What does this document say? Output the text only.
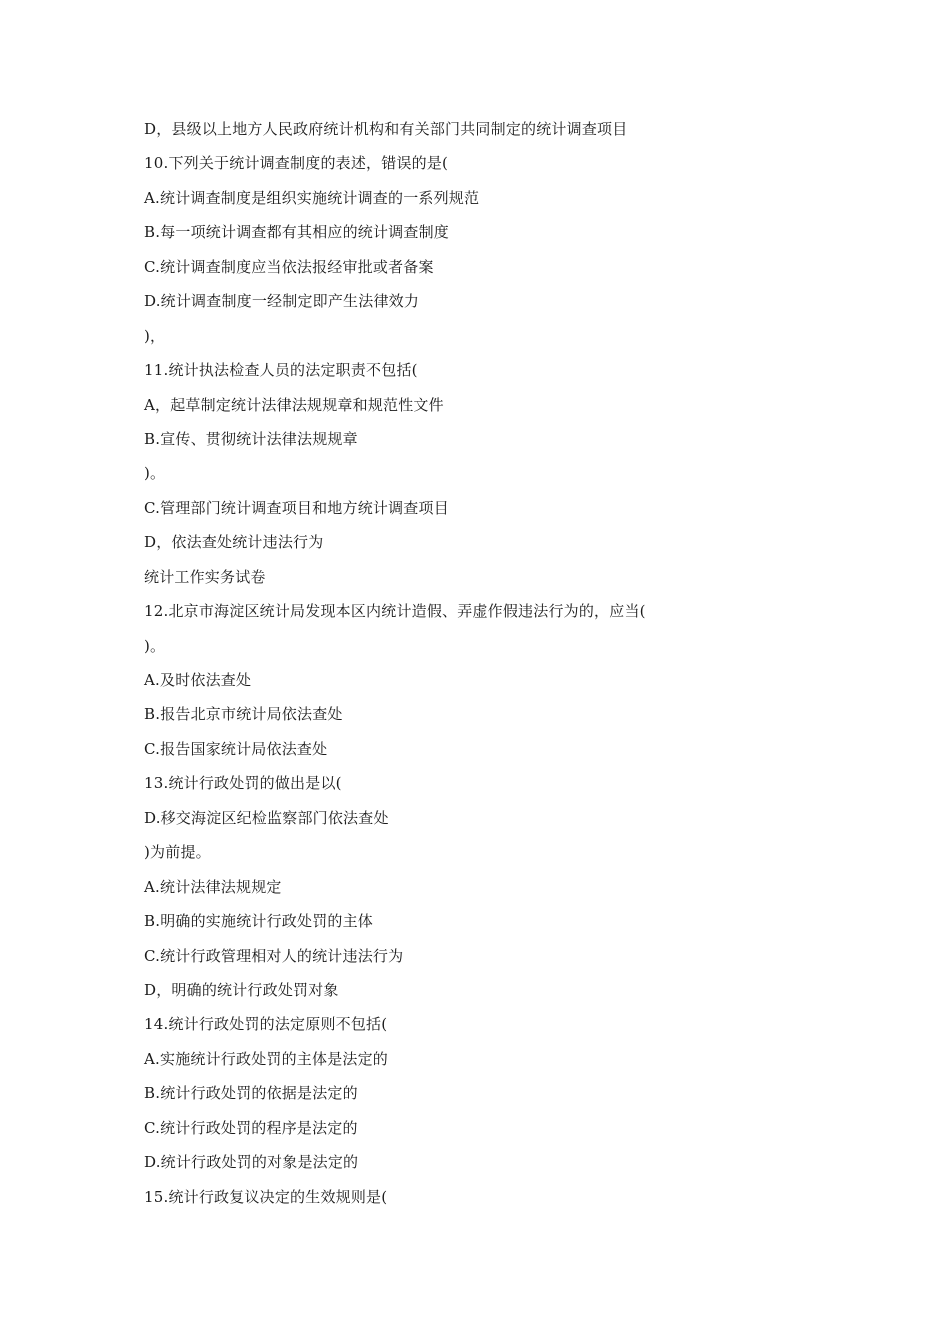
D，县级以上地方人民政府统计机构和有关部门共同制定的统计调查项目
10.下列关于统计调查制度的表述，错误的是(
A.统计调查制度是组织实施统计调查的一系列规范
B.每一项统计调查都有其相应的统计调查制度
C.统计调查制度应当依法报经审批或者备案
D.统计调查制度一经制定即产生法律效力
)，
11.统计执法检查人员的法定职责不包括(
A，起草制定统计法律法规规章和规范性文件
B.宣传、贯彻统计法律法规规章
)。
C.管理部门统计调查项目和地方统计调查项目
D，依法查处统计违法行为
统计工作实务试卷
12.北京市海淀区统计局发现本区内统计造假、弄虚作假违法行为的，应当(
)。
A.及时依法查处
B.报告北京市统计局依法查处
C.报告国家统计局依法查处
13.统计行政处罚的做出是以(
D.移交海淀区纪检监察部门依法查处
)为前提。
A.统计法律法规规定
B.明确的实施统计行政处罚的主体
C.统计行政管理相对人的统计违法行为
D，明确的统计行政处罚对象
14.统计行政处罚的法定原则不包括(
A.实施统计行政处罚的主体是法定的
B.统计行政处罚的依据是法定的
C.统计行政处罚的程序是法定的
D.统计行政处罚的对象是法定的
15.统计行政复议决定的生效规则是(
